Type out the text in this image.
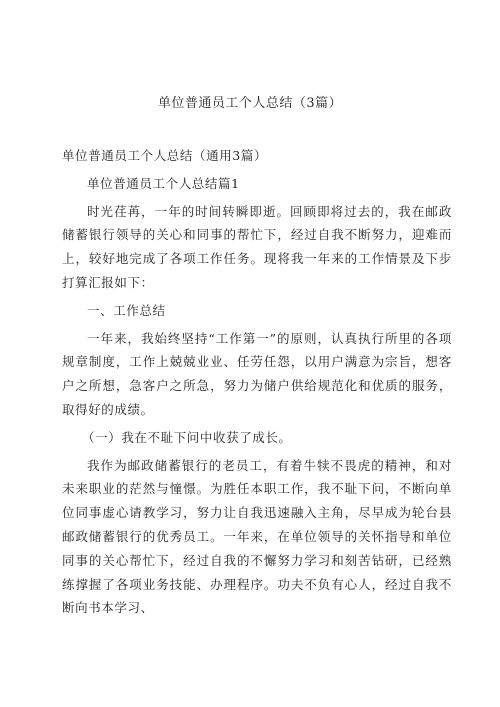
单位普通员工个人总结（3篇）

单位普通员工个人总结（通用3篇）

单位普通员工个人总结篇1

时光荏苒，一年的时间转瞬即逝。回顾即将过去的，我在邮政储蓄银行领导的关心和同事的帮忙下，经过自我不断努力，迎难而上，较好地完成了各项工作任务。现将我一年来的工作情景及下步打算汇报如下：

一、工作总结

一年来，我始终坚持“工作第一”的原则，认真执行所里的各项规章制度，工作上兢兢业业、任劳任怨，以用户满意为宗旨，想客户之所想，急客户之所急，努力为储户供给规范化和优质的服务，取得好的成绩。

（一）我在不耻下问中收获了成长。

我作为邮政储蓄银行的老员工，有着牛犊不畏虎的精神，和对未来职业的茫然与憧憬。为胜任本职工作，我不耻下问，不断向单位同事虚心请教学习，努力让自我迅速融入主角，尽早成为轮台县邮政储蓄银行的优秀员工。一年来，在单位领导的关怀指导和单位同事的关心帮忙下，经过自我的不懈努力学习和刻苦钻研，已经熟练撑握了各项业务技能、办理程序。功夫不负有心人，经过自我不断向书本学习、
